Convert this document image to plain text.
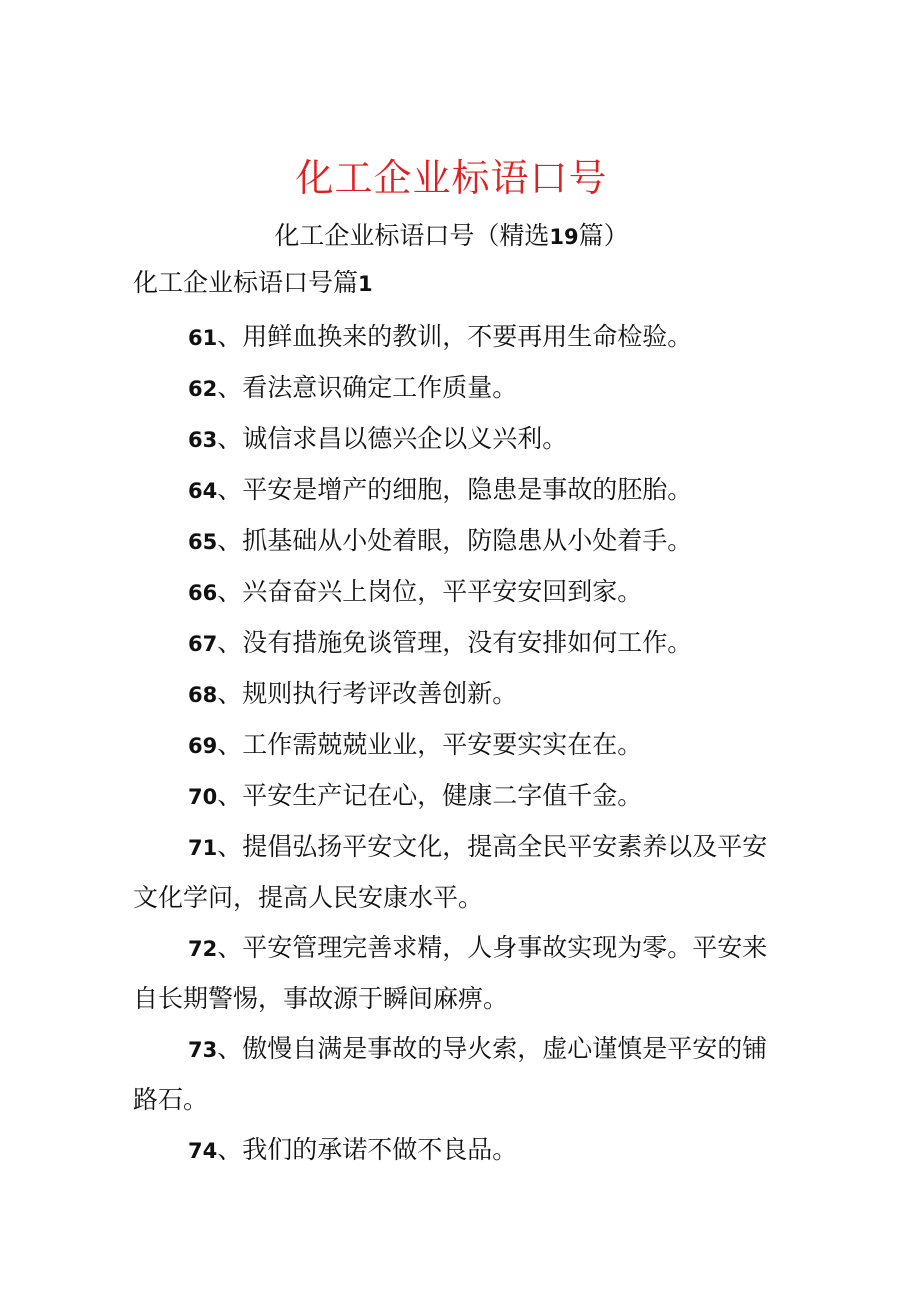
化工企业标语口号

化工企业标语口号（精选19篇）

化工企业标语口号篇1

61、用鲜血换来的教训，不要再用生命检验。
62、看法意识确定工作质量。
63、诚信求昌以德兴企以义兴利。
64、平安是增产的细胞，隐患是事故的胚胎。
65、抓基础从小处着眼，防隐患从小处着手。
66、兴奋奋兴上岗位，平平安安回到家。
67、没有措施免谈管理，没有安排如何工作。
68、规则执行考评改善创新。
69、工作需兢兢业业，平安要实实在在。
70、平安生产记在心，健康二字值千金。
71、提倡弘扬平安文化，提高全民平安素养以及平安文化学问，提高人民安康水平。
72、平安管理完善求精，人身事故实现为零。平安来自长期警惕，事故源于瞬间麻痹。
73、傲慢自满是事故的导火索，虚心谨慎是平安的铺路石。
74、我们的承诺不做不良品。
